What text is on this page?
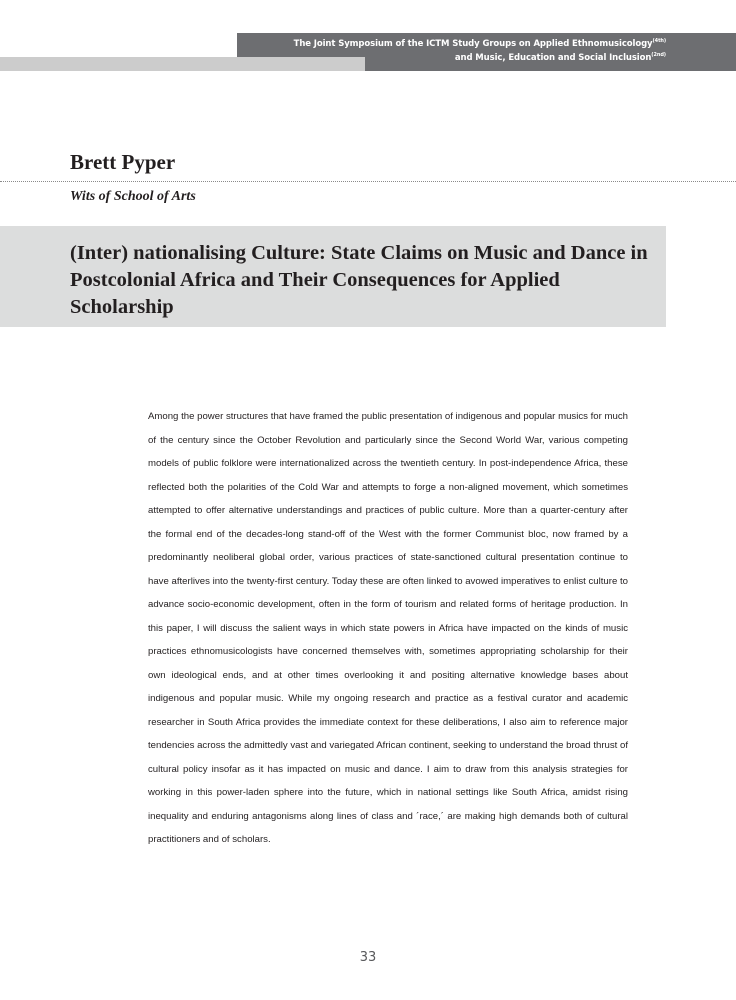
The Joint Symposium of the ICTM Study Groups on Applied Ethnomusicology$^{(4th)}$
and Music, Education and Social Inclusion$^{(2nd)}$
Brett Pyper
Wits of School of Arts
(Inter) nationalising Culture: State Claims on Music and Dance in Postcolonial Africa and Their Consequences for Applied Scholarship

Among the power structures that have framed the public presentation of indigenous and popular musics for much of the century since the October Revolution and particularly since the Second World War, various competing models of public folklore were internationalized across the twentieth century. In post-independence Africa, these reflected both the polarities of the Cold War and attempts to forge a non-aligned movement, which sometimes attempted to offer alternative understandings and practices of public culture. More than a quarter-century after the formal end of the decades-long stand-off of the West with the former Communist bloc, now framed by a predominantly neoliberal global order, various practices of state-sanctioned cultural presentation continue to have afterlives into the twenty-first century. Today these are often linked to avowed imperatives to enlist culture to advance socio-economic development, often in the form of tourism and related forms of heritage production. In this paper, I will discuss the salient ways in which state powers in Africa have impacted on the kinds of music practices ethnomusicologists have concerned themselves with, sometimes appropriating scholarship for their own ideological ends, and at other times overlooking it and positing alternative knowledge bases about indigenous and popular music. While my ongoing research and practice as a festival curator and academic researcher in South Africa provides the immediate context for these deliberations, I also aim to reference major tendencies across the admittedly vast and variegated African continent, seeking to understand the broad thrust of cultural policy insofar as it has impacted on music and dance. I aim to draw from this analysis strategies for working in this power-laden sphere into the future, which in national settings like South Africa, amidst rising inequality and enduring antagonisms along lines of class and ´race,´ are making high demands both of cultural practitioners and of scholars.

33
